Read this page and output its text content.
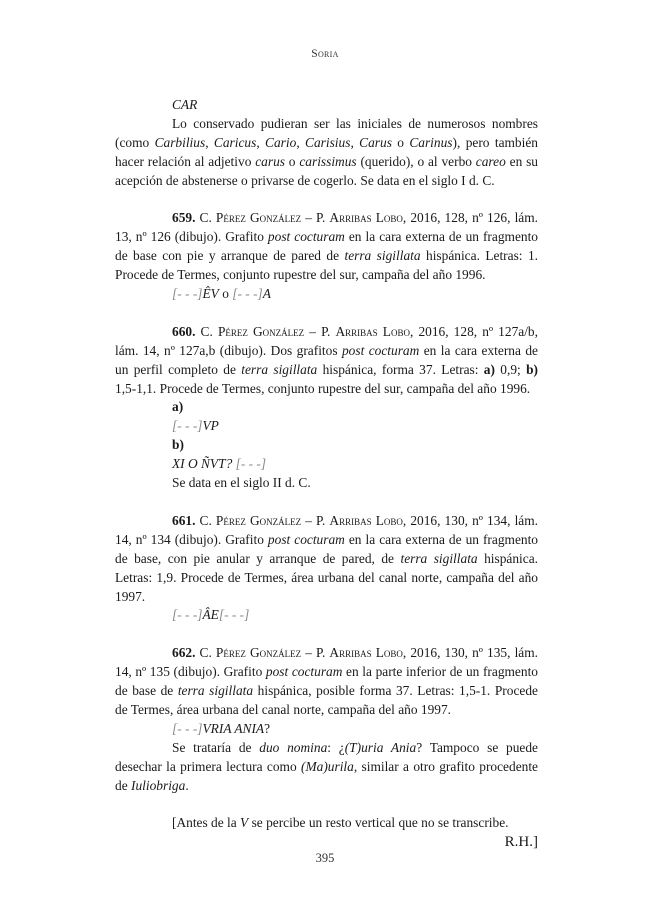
Soria

CAR

Lo conservado pudieran ser las iniciales de numerosos nombres (como Carbilius, Caricus, Cario, Carisius, Carus o Carinus), pero también hacer relación al adjetivo carus o carissimus (querido), o al verbo careo en su acepción de abstenerse o privarse de cogerlo. Se data en el siglo I d. C.

659. C. Pérez González – P. Arribas Lobo, 2016, 128, nº 126, lám. 13, nº 126 (dibujo). Grafito post cocturam en la cara externa de un fragmento de base con pie y arranque de pared de terra sigillata hispánica. Letras: 1. Procede de Termes, conjunto rupestre del sur, campaña del año 1996.

[- - -]ÊV o [- - -]A

660. C. Pérez González – P. Arribas Lobo, 2016, 128, nº 127a/b, lám. 14, nº 127a,b (dibujo). Dos grafitos post cocturam en la cara externa de un perfil completo de terra sigillata hispánica, forma 37. Letras: a) 0,9; b) 1,5-1,1. Procede de Termes, conjunto rupestre del sur, campaña del año 1996.

a)

[- - -]VP

b)

XI O ÑVT? [- - -]

Se data en el siglo II d. C.

661. C. Pérez González – P. Arribas Lobo, 2016, 130, nº 134, lám. 14, nº 134 (dibujo). Grafito post cocturam en la cara externa de un fragmento de base, con pie anular y arranque de pared, de terra sigillata hispánica. Letras: 1,9. Procede de Termes, área urbana del canal norte, campaña del año 1997.

[- - -]ÂE[- - -]

662. C. Pérez González – P. Arribas Lobo, 2016, 130, nº 135, lám. 14, nº 135 (dibujo). Grafito post cocturam en la parte inferior de un fragmento de base de terra sigillata hispánica, posible forma 37. Letras: 1,5-1. Procede de Termes, área urbana del canal norte, campaña del año 1997.

[- - -]VRIA ANIA?

Se trataría de duo nomina: ¿(T)uria Ania? Tampoco se puede desechar la primera lectura como (Ma)urila, similar a otro grafito procedente de Iuliobriga.

[Antes de la V se percibe un resto vertical que no se transcribe.

R.H.]

395
